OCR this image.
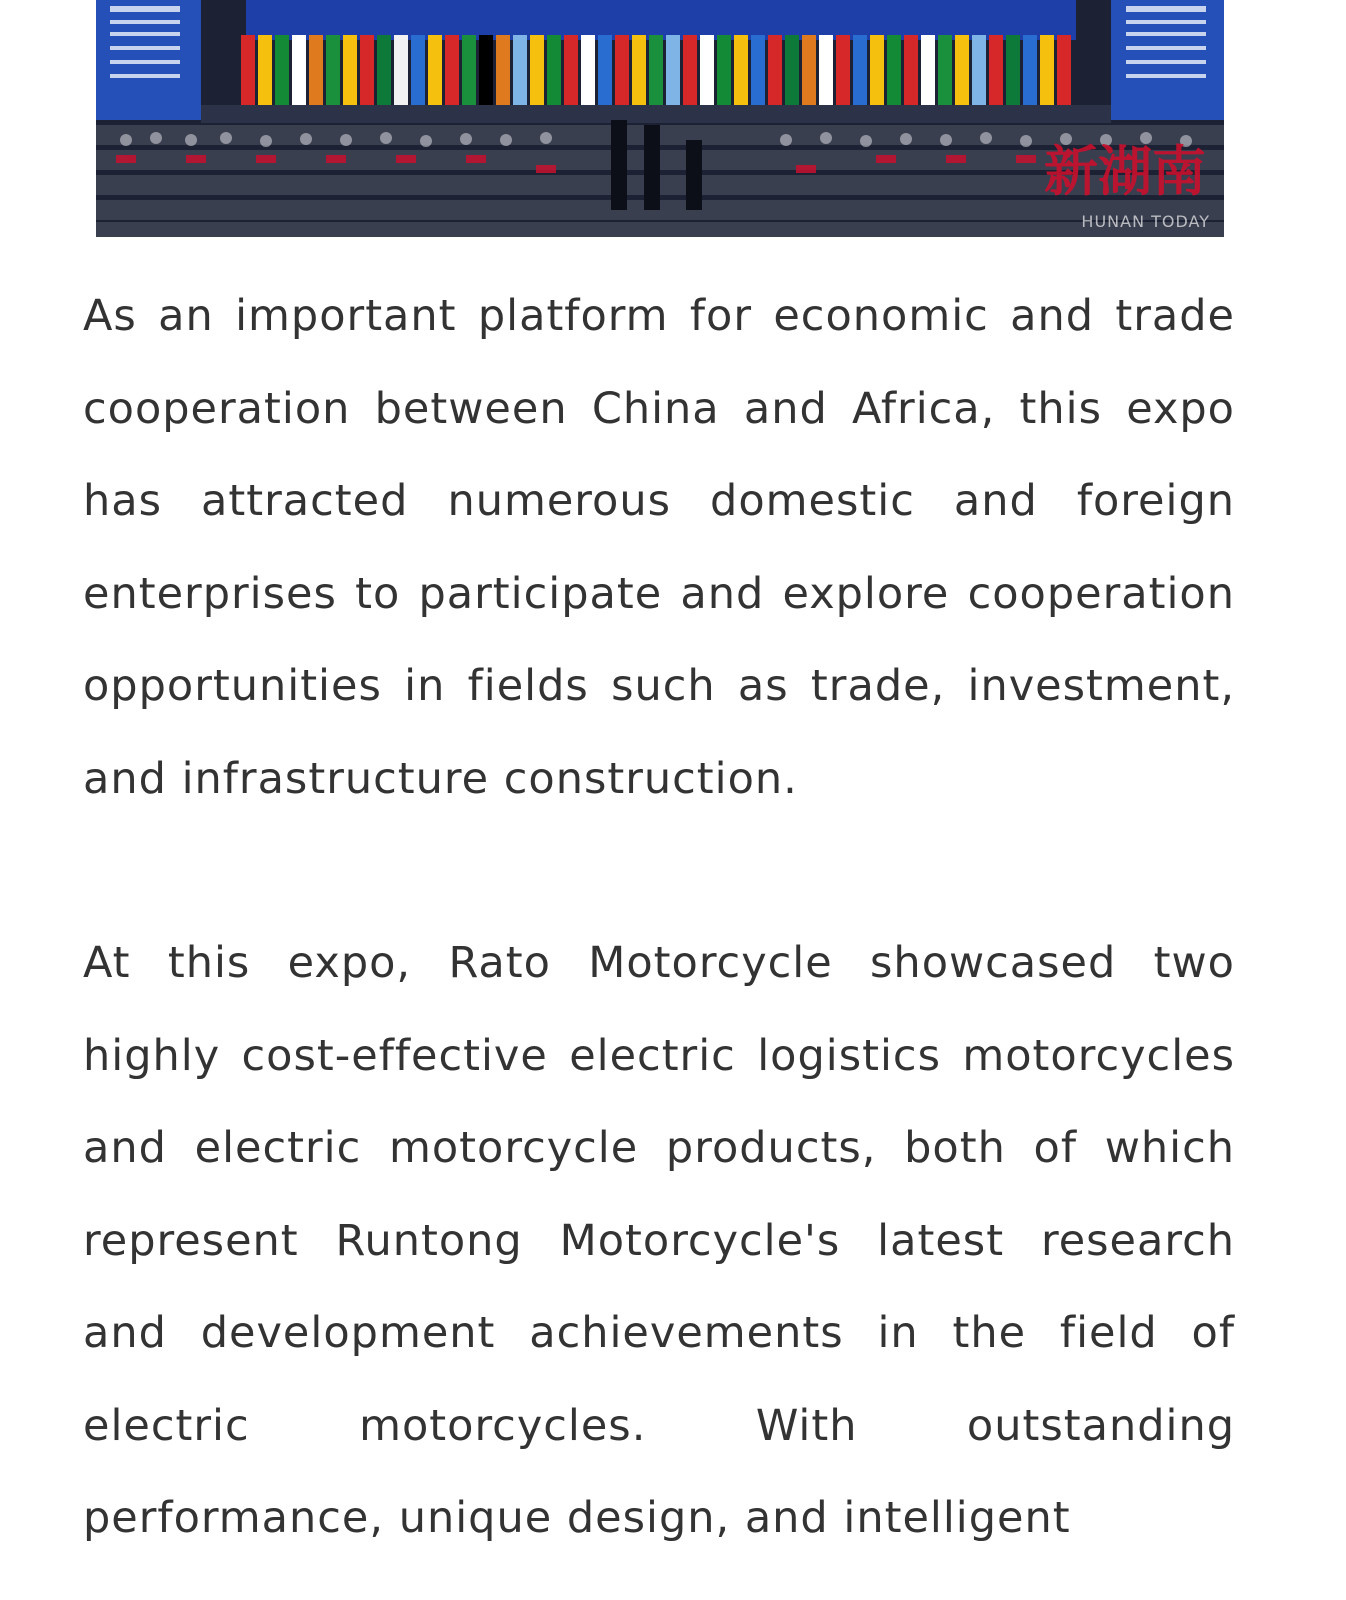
新湖南
HUNAN TODAY

As an important platform for economic and trade cooperation between China and Africa, this expo has attracted numerous domestic and foreign enterprises to participate and explore cooperation opportunities in fields such as trade, investment, and infrastructure construction.

At this expo, Rato Motorcycle showcased two highly cost-effective electric logistics motorcycles and electric motorcycle products, both of which represent Runtong Motorcycle's latest research and development achievements in the field of electric motorcycles. With outstanding performance, unique design, and intelligent
